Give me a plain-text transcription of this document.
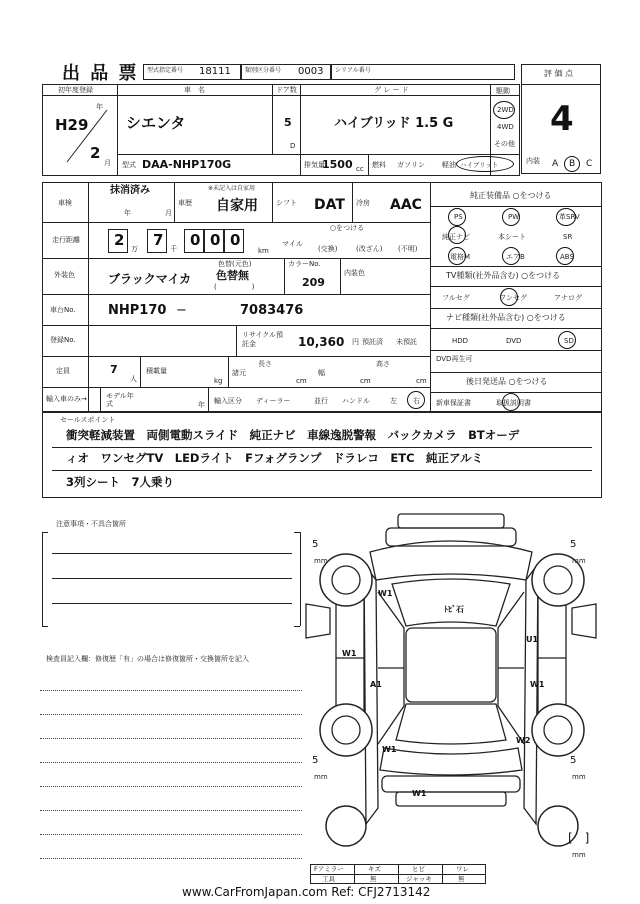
出 品 票 型式指定番号 18111 類別区分番号 0003 シリアル番号	評 価 点
4
初年度登録
H29
年
2
月
車　名
シエンタ
ドア数
5
D
グ レ ー ド
ハイブリッド 1.5 G
駆動
2WD
4WD
その他
型式 DAA-NHP170G	排気量
1500 cc 燃料 ガソリン 軽油 ハイブリット	内装 A B C
車検
抹消済み
年	月
車歴
※未記入は自家用
自家用	シフト DAT 冷房 AAC
走行距離 2 万 7 千 0 0 0
km
○をつける
マイル
(交換)	(改ざん) (不明)
外装色	ブラックマイカ
色替(元色)
色替無
(　　　　　)
カラーNo.
209
内装色
車台No. NHP170 −	7083476
登録No.
リサイクル預託金	10,360 円 預託済 未預託
定員	7
人
積載量
kg
諸元
長さ
cm
幅
cm
高さ
cm
輸入車のみ→	モデル年式	年 輸入区分 ディーラー	並行 ハンドル	左 右
純正装備品 ○をつける
PS	PW	革SRV
純正ナビ	本シート	SR
電格M	エアB	ABS
TV種類(社外品含む) ○をつける
フルセグ	ワンセグ	アナログ
ナビ種類(社外品含む) ○をつける
HDD	DVD	SD
DVD再生可
後日発送品 ○をつける
新車保証書	取扱説明書
セールスポイント
衝突軽減装置　両側電動スライド　純正ナビ　車線逸脱警報　バックカメラ　BTオーデ
ィオ　ワンセグTV　LEDライト　Fフォグランプ　ドラレコ　ETC　純正アルミ
3列シート　7人乗り
注意事項・不具合箇所
検査員記入欄：修復歴「有」の場合は修復箇所・交換箇所を記入
W1
ﾄﾋﾞ石
U1
W1
A1	W1
W2
W1
W1
5
mm
5
mm
5
mm
5
mm
mm
[　]
Fアミラー	キズ	ヒビ	ワレ
工具	無	ジャッキ	無
www.CarFromJapan.com Ref: CFJ2713142
